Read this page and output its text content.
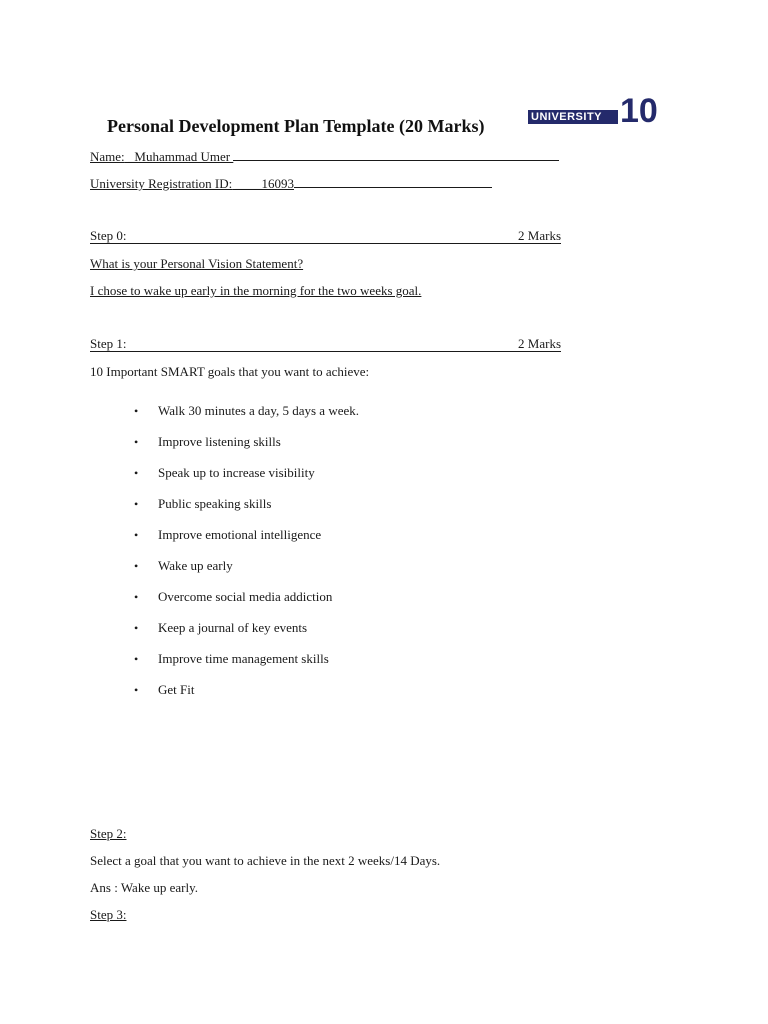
Personal Development Plan Template (20 Marks)	UNIVERSITY 10
Name: _Muhammad Umer
University Registration ID: ____16093
Step 0:	2 Marks
What is your Personal Vision Statement?
I chose to wake up early in the morning for the two weeks goal.
Step 1:	2 Marks
10 Important SMART goals that you want to achieve:
• Walk 30 minutes a day, 5 days a week.
• Improve listening skills
• Speak up to increase visibility
• Public speaking skills
• Improve emotional intelligence
• Wake up early
• Overcome social media addiction
• Keep a journal of key events
• Improve time management skills
• Get Fit
Step 2:
Select a goal that you want to achieve in the next 2 weeks/14 Days.
Ans : Wake up early.
Step 3:
